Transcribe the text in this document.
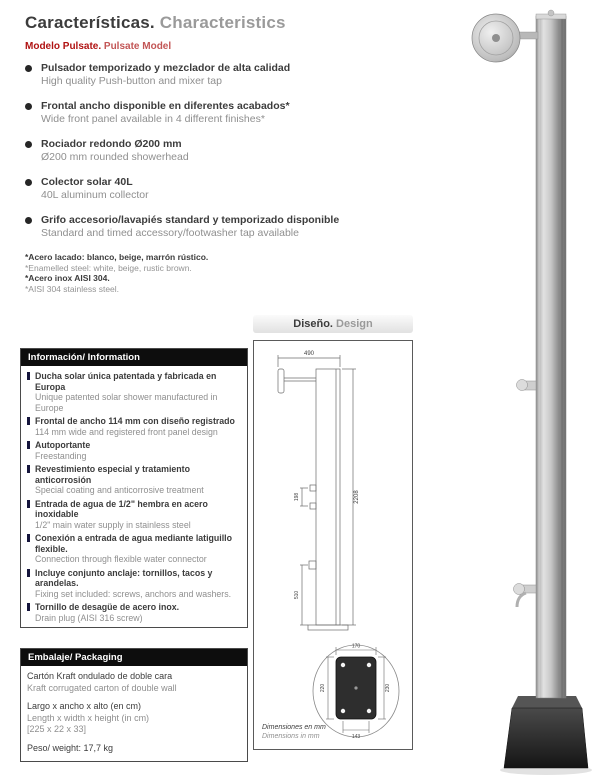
Características. Characteristics
Modelo Pulsate. Pulsate Model
Pulsador temporizado y mezclador de alta calidad
High quality Push-button and mixer tap
Frontal ancho disponible en diferentes acabados*
Wide front panel available in 4 different finishes*
Rociador redondo Ø200 mm
Ø200 mm rounded showerhead
Colector solar 40L
40L aluminum collector
Grifo accesorio/lavapiés standard y temporizado disponible
Standard and timed accessory/footwasher tap available
*Acero lacado: blanco, beige, marrón rústico.
*Enamelled steel: white, beige, rustic brown.
*Acero inox AISI 304.
*AISI 304 stainless steel.
Diseño. Design
490
2208
198
510
170
220	230
143
Dimensiones en mm
Dimensions in mm
Información/ Information
Ducha solar única patentada y fabricada en Europa
Unique patented solar shower manufactured in Europe
Frontal de ancho 114 mm con diseño registrado
114 mm wide and registered front panel design
Autoportante
Freestanding
Revestimiento especial y tratamiento anticorrosión
Special coating and anticorrosive treatment
Entrada de agua de 1/2" hembra en acero inoxidable
1/2" main water supply in stainless steel
Conexión a entrada de agua mediante latiguillo flexible.
Connection through flexible water connector
Incluye conjunto anclaje: tornillos, tacos y arandelas.
Fixing set included: screws, anchors and washers.
Tornillo de desagüe de acero inox.
Drain plug (AISI 316 screw)
Embalaje/ Packaging
Cartón Kraft ondulado de doble cara
Kraft corrugated carton of double wall
Largo x ancho x alto (en cm)
Length x width x height (in cm)
[225 x 22 x 33]
Peso/ weight: 17,7 kg
